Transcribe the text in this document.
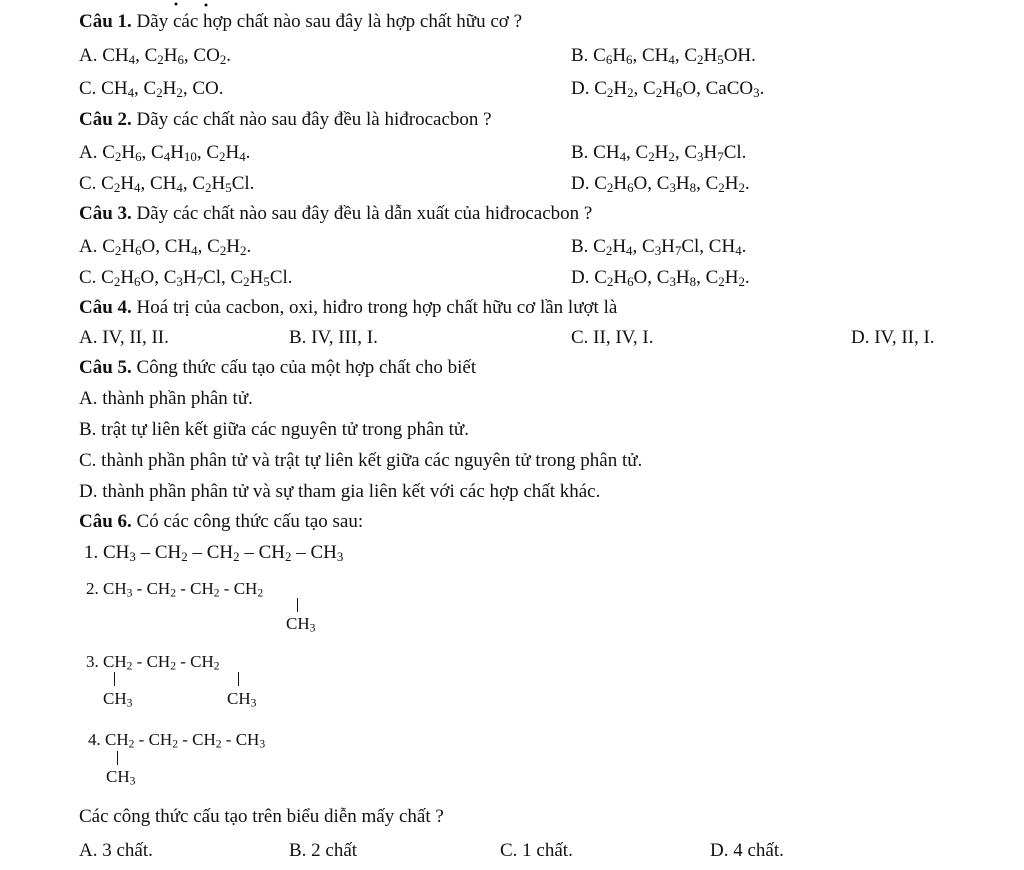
Câu 1. Dãy các hợp chất nào sau đây là hợp chất hữu cơ ?
A. $CH_4$, $C_2H_6$, $CO_2$.	B. $C_6H_6$, $CH_4$, $C_2H_5OH$.
C. $CH_4$, $C_2H_2$, CO.	D. $C_2H_2$, $C_2H_6O$, CaCO$_3$.
Câu 2. Dãy các chất nào sau đây đều là hiđrocacbon ?
A. $C_2H_6$, $C_4H_{10}$, $C_2H_4$.	B. $CH_4$, $C_2H_2$, $C_3H_7Cl$.
C. $C_2H_4$, $CH_4$, $C_2H_5Cl$.	D. $C_2H_6O$, $C_3H_8$, $C_2H_2$.
Câu 3. Dãy các chất nào sau đây đều là dẫn xuất của hiđrocacbon ?
A. $C_2H_6O$, $CH_4$, $C_2H_2$.	B. $C_2H_4$, $C_3H_7Cl$, $CH_4$.
C. $C_2H_6O$, $C_3H_7Cl$, $C_2H_5Cl$.	D. $C_2H_6O$, $C_3H_8$, $C_2H_2$.
Câu 4. Hoá trị của cacbon, oxi, hiđro trong hợp chất hữu cơ lần lượt là
A. IV, II, II.	B. IV, III, I.	C. II, IV, I.	D. IV, II, I.
Câu 5. Công thức cấu tạo của một hợp chất cho biết
A. thành phần phân tử.
B. trật tự liên kết giữa các nguyên tử trong phân tử.
C. thành phần phân tử và trật tự liên kết giữa các nguyên tử trong phân tử.
D. thành phần phân tử và sự tham gia liên kết với các hợp chất khác.
Câu 6. Có các công thức cấu tạo sau:
1. $CH_3 - CH_2 - CH_2 - CH_2 - CH_3$
2. $CH_3 - CH_2 - CH_2 - CH_2$
$CH_3$
3. $CH_2 - CH_2 - CH_2$
$CH_3$	$CH_3$
4. $CH_2 - CH_2 - CH_2 - CH_3$
$CH_3$
Các công thức cấu tạo trên biểu diễn mấy chất ?
A. 3 chất.	B. 2 chất	C. 1 chất.	D. 4 chất.
